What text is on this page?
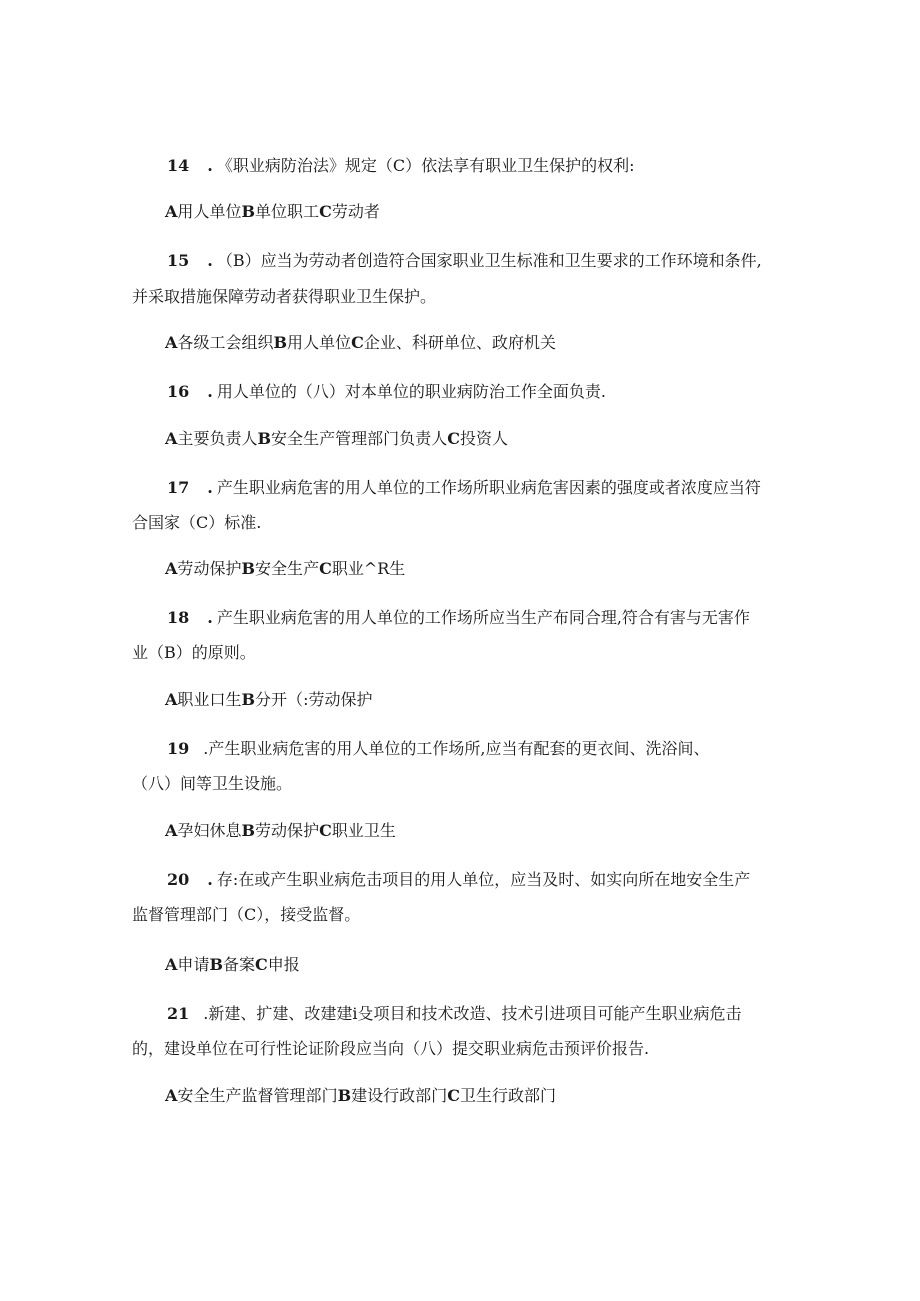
14 . 《职业病防治法》规定（C）依法享有职业卫生保护的权利:
A用人单位B单位职工C劳动者
15 . （B）应当为劳动者创造符合国家职业卫生标准和卫生要求的工作环境和条件,
并采取措施保障劳动者获得职业卫生保护。
A各级工会组织B用人单位C企业、科研单位、政府机关
16 . 用人单位的（八）对本单位的职业病防治工作全面负责.
A主要负责人B安全生产管理部门负责人C投资人
17 . 产生职业病危害的用人单位的工作场所职业病危害因素的强度或者浓度应当符
合国家（C）标准.
A劳动保护B安全生产C职业^R生
18 . 产生职业病危害的用人单位的工作场所应当生产布同合理,符合有害与无害作
业（B）的原则。
A职业口生B分开（:劳动保护
19 .产生职业病危害的用人单位的工作场所,应当有配套的更衣间、洗浴间、
（八）间等卫生设施。
A孕妇休息B劳动保护C职业卫生
20 . 存:在或产生职业病危击项目的用人单位，应当及时、如实向所在地安全生产
监督管理部门（C），接受监督。
A申请B备案C申报
21 .新建、扩建、改建建i殳项目和技术改造、技术引进项目可能产生职业病危击
的，建设单位在可行性论证阶段应当向（八）提交职业病危击预评价报告.
A安全生产监督管理部门B建设行政部门C卫生行政部门
